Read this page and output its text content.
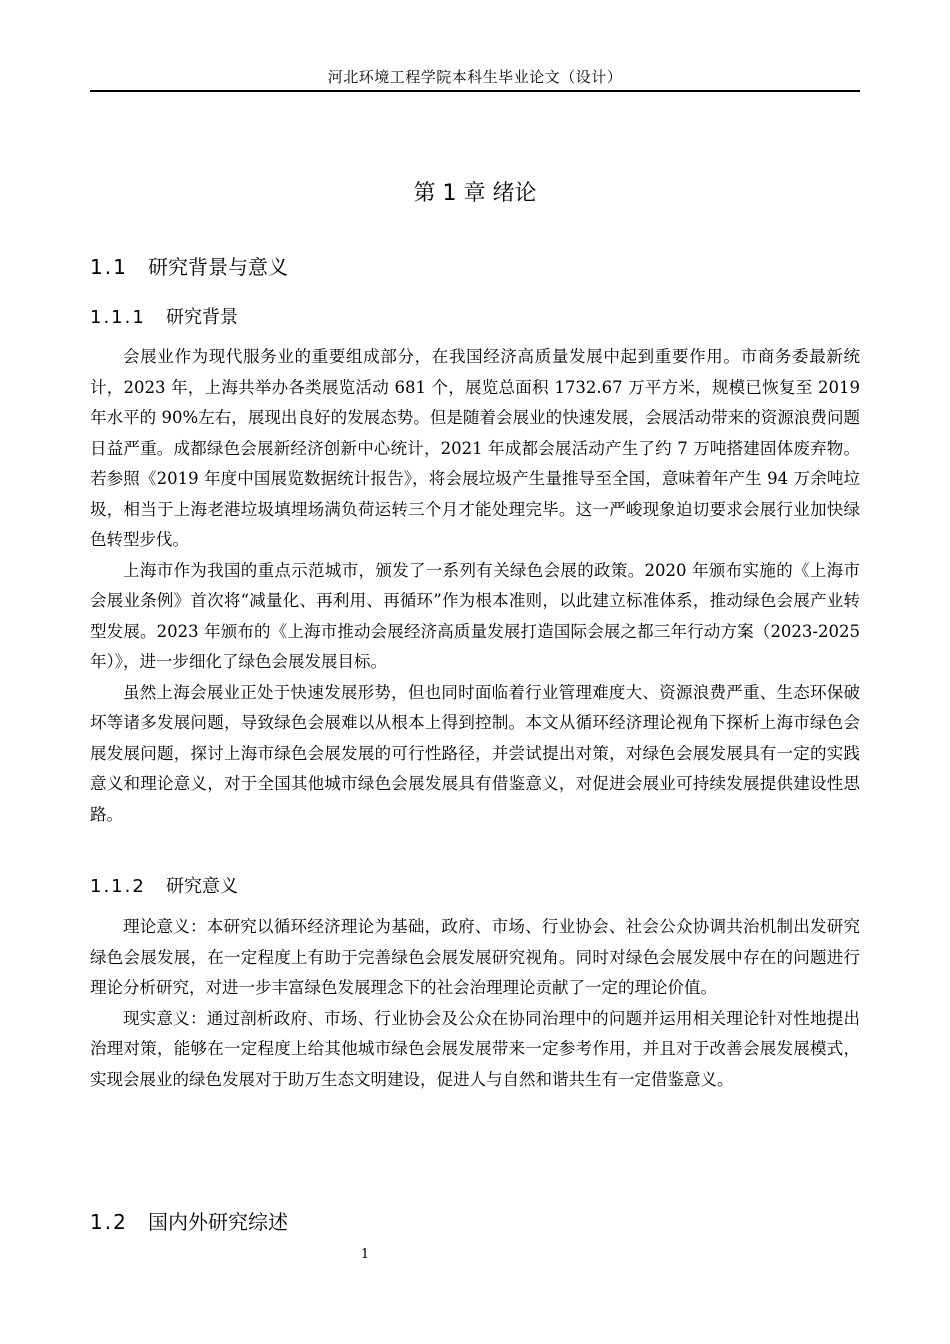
河北环境工程学院本科生毕业论文（设计）
第 1 章 绪论
1.1 研究背景与意义
1.1.1 研究背景

会展业作为现代服务业的重要组成部分，在我国经济高质量发展中起到重要作用。市商务委最新统计，2023 年，上海共举办各类展览活动 681 个，展览总面积 1732.67 万平方米，规模已恢复至 2019 年水平的 90%左右，展现出良好的发展态势。但是随着会展业的快速发展，会展活动带来的资源浪费问题日益严重。成都绿色会展新经济创新中心统计，2021 年成都会展活动产生了约 7 万吨搭建固体废弃物。若参照《2019 年度中国展览数据统计报告》，将会展垃圾产生量推导至全国，意味着年产生 94 万余吨垃圾，相当于上海老港垃圾填埋场满负荷运转三个月才能处理完毕。这一严峻现象迫切要求会展行业加快绿色转型步伐。

上海市作为我国的重点示范城市，颁发了一系列有关绿色会展的政策。2020 年颁布实施的《上海市会展业条例》首次将“减量化、再利用、再循环”作为根本准则，以此建立标准体系，推动绿色会展产业转型发展。2023 年颁布的《上海市推动会展经济高质量发展打造国际会展之都三年行动方案（2023-2025 年）》，进一步细化了绿色会展发展目标。

虽然上海会展业正处于快速发展形势，但也同时面临着行业管理难度大、资源浪费严重、生态环保破坏等诸多发展问题，导致绿色会展难以从根本上得到控制。本文从循环经济理论视角下探析上海市绿色会展发展问题，探讨上海市绿色会展发展的可行性路径，并尝试提出对策，对绿色会展发展具有一定的实践意义和理论意义，对于全国其他城市绿色会展发展具有借鉴意义，对促进会展业可持续发展提供建设性思路。

1.1.2 研究意义

理论意义：本研究以循环经济理论为基础，政府、市场、行业协会、社会公众协调共治机制出发研究绿色会展发展，在一定程度上有助于完善绿色会展发展研究视角。同时对绿色会展发展中存在的问题进行理论分析研究，对进一步丰富绿色发展理念下的社会治理理论贡献了一定的理论价值。

现实意义：通过剖析政府、市场、行业协会及公众在协同治理中的问题并运用相关理论针对性地提出治理对策，能够在一定程度上给其他城市绿色会展发展带来一定参考作用，并且对于改善会展发展模式，实现会展业的绿色发展对于助万生态文明建设，促进人与自然和谐共生有一定借鉴意义。

1.2 国内外研究综述
1
